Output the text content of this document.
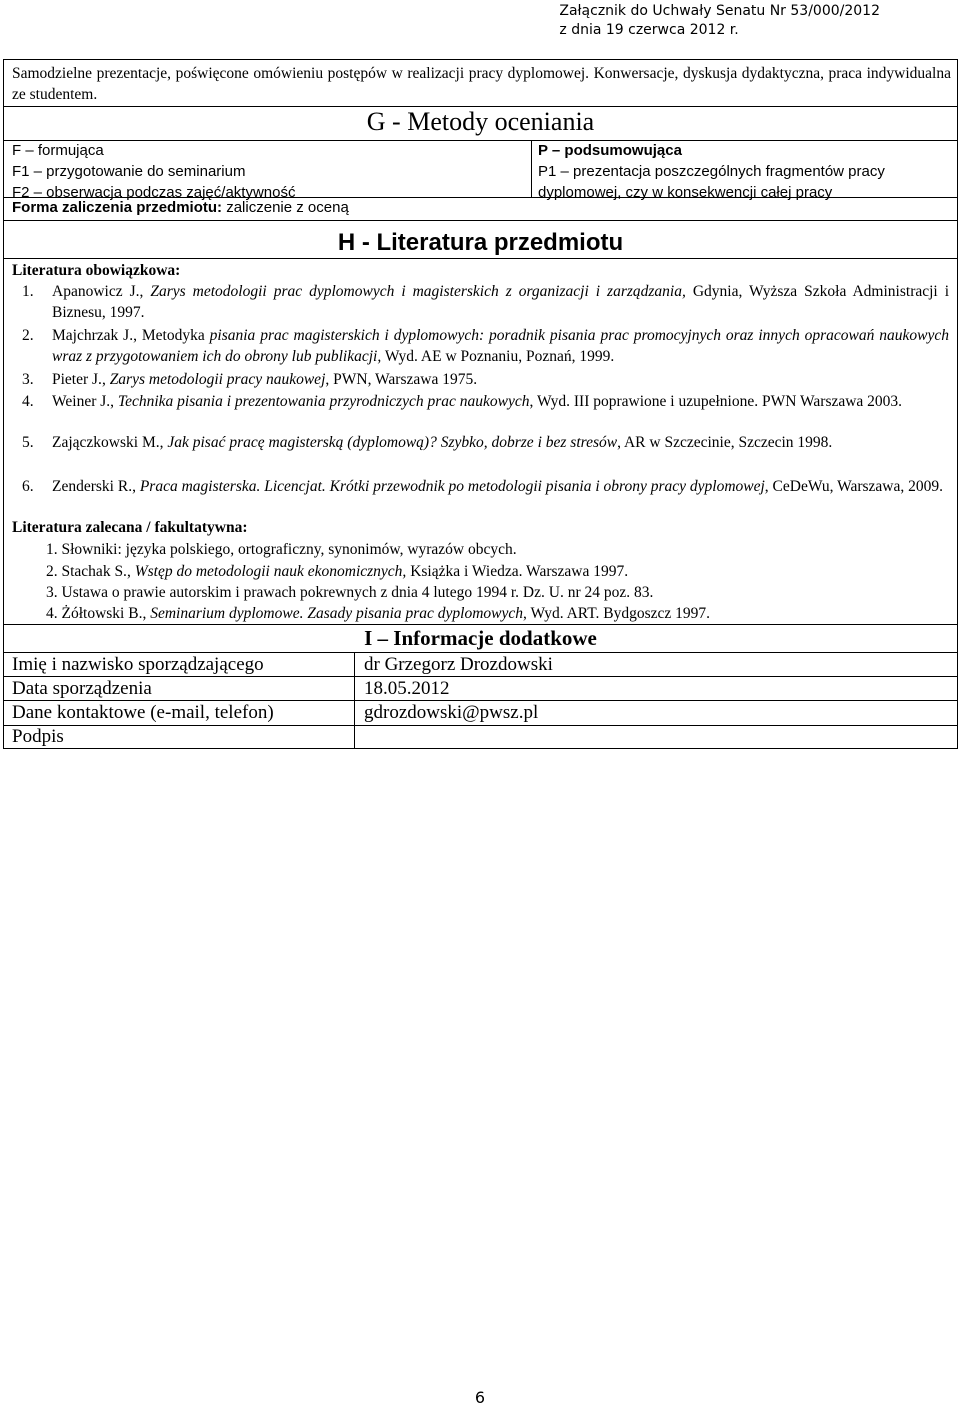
Załącznik do Uchwały Senatu Nr 53/000/2012
z dnia 19 czerwca 2012 r.
Samodzielne prezentacje, poświęcone omówieniu postępów w realizacji pracy dyplomowej. Konwersacje, dyskusja dydaktyczna, praca indywidualna ze studentem.
G - Metody oceniania
F – formująca
F1 – przygotowanie do seminarium
F2 – obserwacja podczas zajęć/aktywność
P – podsumowująca
P1 – prezentacja poszczególnych fragmentów pracy dyplomowej, czy w konsekwencji całej pracy
Forma zaliczenia przedmiotu: zaliczenie z oceną
H - Literatura przedmiotu
Literatura obowiązkowa:
1. Apanowicz J., Zarys metodologii prac dyplomowych i magisterskich z organizacji i zarządzania, Gdynia, Wyższa Szkoła Administracji i Biznesu, 1997.
2. Majchrzak J., Metodyka pisania prac magisterskich i dyplomowych: poradnik pisania prac promocyjnych oraz innych opracowań naukowych wraz z przygotowaniem ich do obrony lub publikacji, Wyd. AE w Poznaniu, Poznań, 1999.
3. Pieter J., Zarys metodologii pracy naukowej, PWN, Warszawa 1975.
4. Weiner J., Technika pisania i prezentowania przyrodniczych prac naukowych, Wyd. III poprawione i uzupełnione. PWN Warszawa 2003.
5. Zajączkowski M., Jak pisać pracę magisterską (dyplomową)? Szybko, dobrze i bez stresów, AR w Szczecinie, Szczecin 1998.
6. Zenderski R., Praca magisterska. Licencjat. Krótki przewodnik po metodologii pisania i obrony pracy dyplomowej, CeDeWu, Warszawa, 2009.
Literatura zalecana / fakultatywna:
1. Słowniki: języka polskiego, ortograficzny, synonimów, wyrazów obcych.
2. Stachak S., Wstęp do metodologii nauk ekonomicznych, Książka i Wiedza. Warszawa 1997.
3. Ustawa o prawie autorskim i prawach pokrewnych z dnia 4 lutego 1994 r. Dz. U. nr 24 poz. 83.
4. Żółtowski B., Seminarium dyplomowe. Zasady pisania prac dyplomowych, Wyd. ART. Bydgoszcz 1997.
I – Informacje dodatkowe
Imię i nazwisko sporządzającego	dr Grzegorz Drozdowski
Data sporządzenia	18.05.2012
Dane kontaktowe (e-mail, telefon)	gdrozdowski@pwsz.pl
Podpis
6
